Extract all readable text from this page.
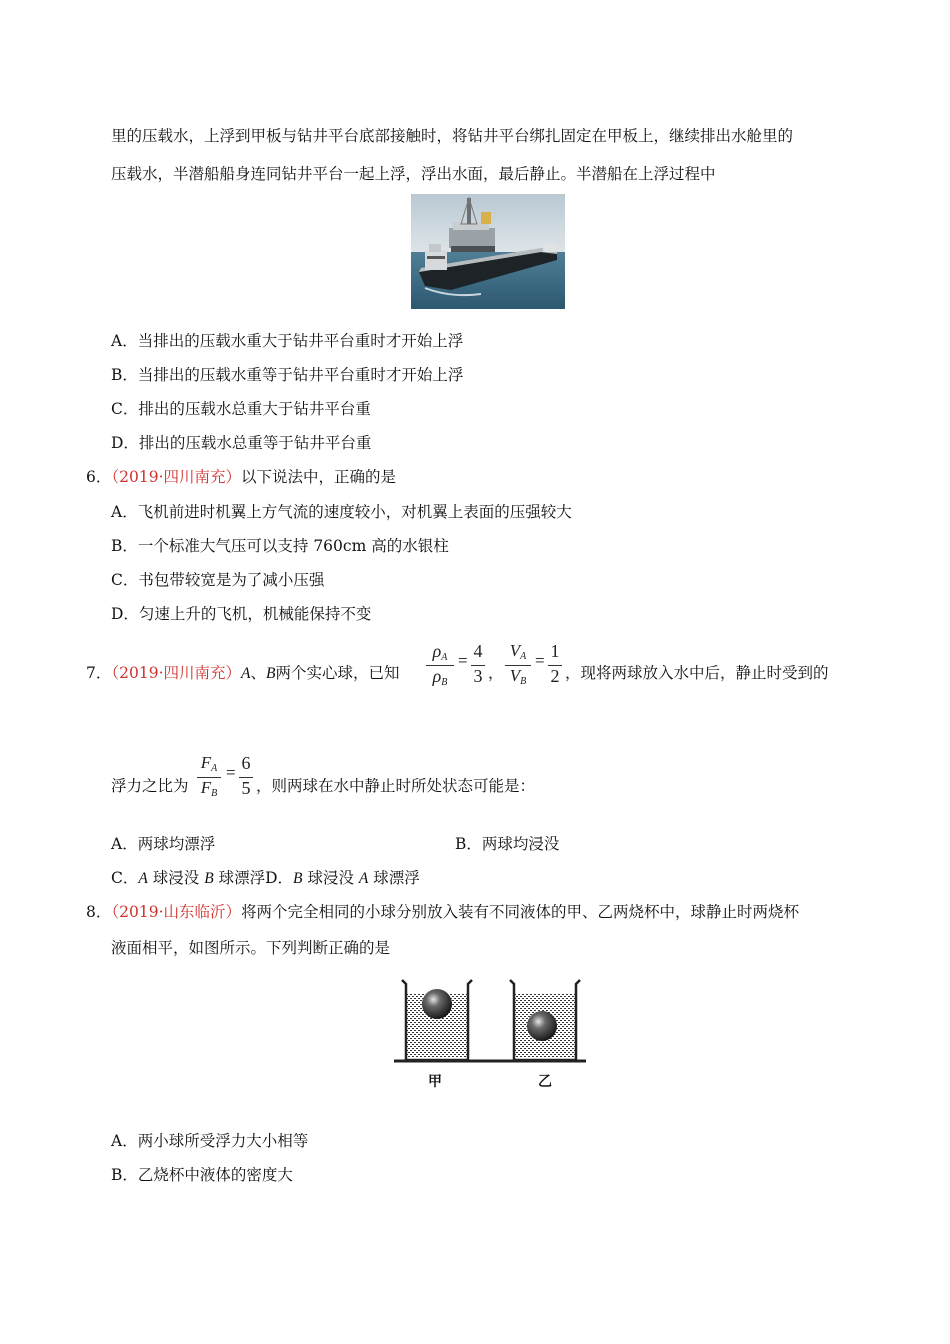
里的压载水，上浮到甲板与钻井平台底部接触时，将钻井平台绑扎固定在甲板上，继续排出水舱里的
压载水，半潜船船身连同钻井平台一起上浮，浮出水面，最后静止。半潜船在上浮过程中
A．当排出的压载水重大于钻井平台重时才开始上浮
B．当排出的压载水重等于钻井平台重时才开始上浮
C．排出的压载水总重大于钻井平台重
D．排出的压载水总重等于钻井平台重
6．（2019·四川南充）以下说法中，正确的是
A．飞机前进时机翼上方气流的速度较小，对机翼上表面的压强较大
B．一个标准大气压可以支持 760cm 高的水银柱
C．书包带较宽是为了减小压强
D．匀速上升的飞机，机械能保持不变
7．（2019·四川南充）A、B两个实心球，已知
$\rho_A$
$\rho_B$
= 4
3 ，
$V_A$
$V_B$
= 1
2 ，现将两球放入水中后，静止时受到的
浮力之比为
$F_A$
$F_B$
= 6
5 ，则两球在水中静止时所处状态可能是：
A．两球均漂浮	B．两球均浸没
C．A 球浸没 B 球漂浮D．B 球浸没 A 球漂浮
8．（2019·山东临沂）将两个完全相同的小球分别放入装有不同液体的甲、乙两烧杯中，球静止时两烧杯
液面相平，如图所示。下列判断正确的是
甲	乙
A．两小球所受浮力大小相等
B．乙烧杯中液体的密度大
